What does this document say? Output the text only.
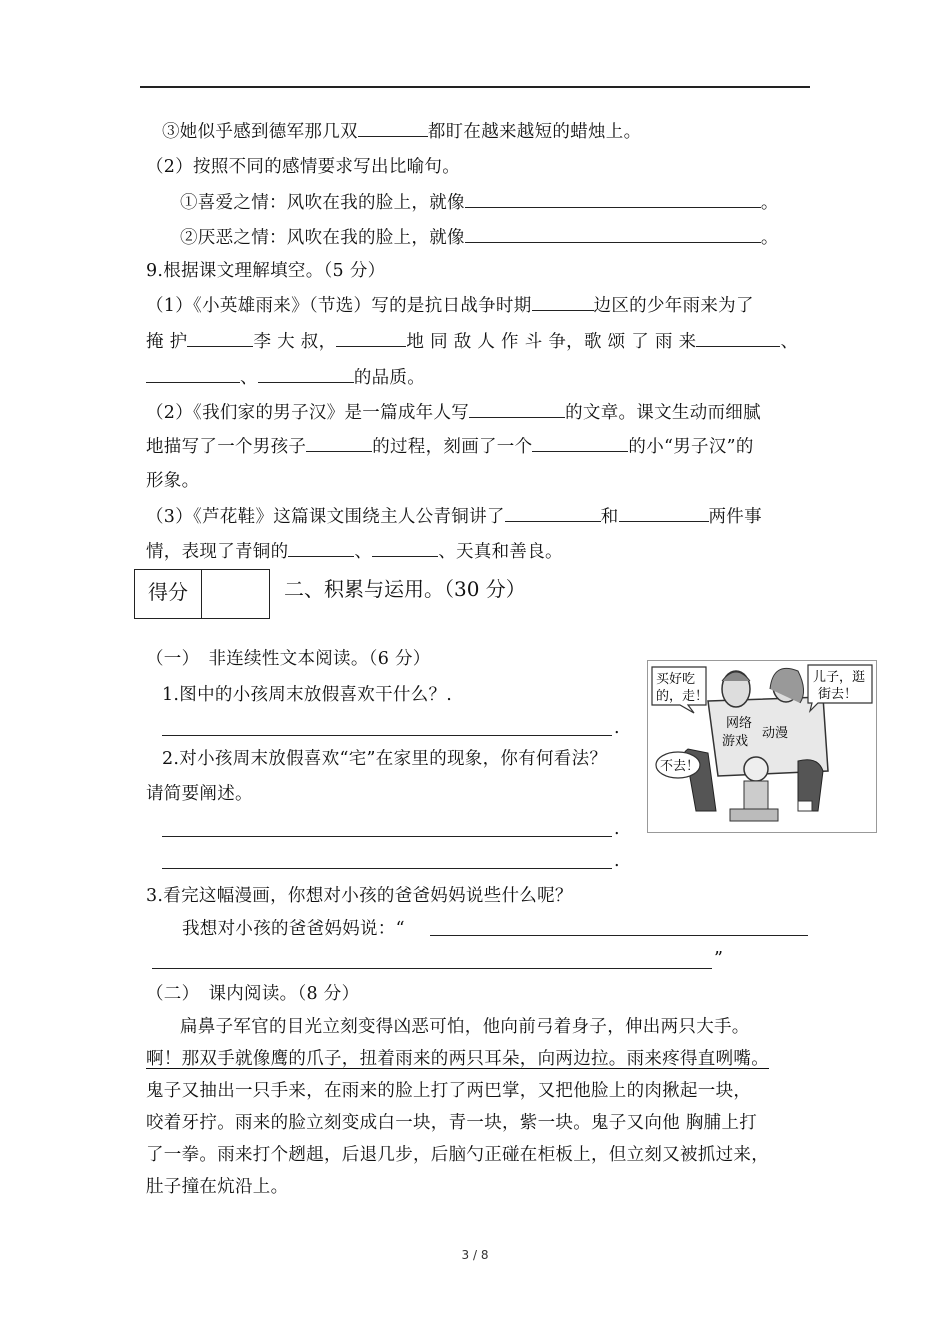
③她似乎感到德军那几双	都盯在越来越短的蜡烛上。
（2）按照不同的感情要求写出比喻句。
①喜爱之情：风吹在我的脸上，就像	。
②厌恶之情：风吹在我的脸上，就像	。
9.根据课文理解填空。（5 分）
（1）《小英雄雨来》（节选）写的是抗日战争时期	边区的少年雨来为了
掩 护	李 大 叔，	地 同 敌 人 作 斗 争，歌 颂 了 雨 来	、
、	的品质。
（2）《我们家的男子汉》是一篇成年人写	的文章。课文生动而细腻
地描写了一个男孩子	的过程，刻画了一个	的小“男子汉”的
形象。
（3）《芦花鞋》这篇课文围绕主人公青铜讲了	和	两件事
情，表现了青铜的	、	、天真和善良。
得分	二、积累与运用。（30 分）
（一）　非连续性文本阅读。（6 分）
1.图中的小孩周末放假喜欢干什么？.
.
2.对小孩周末放假喜欢“宅”在家里的现象，你有何看法？
请简要阐述。
.
.
3.看完这幅漫画，你想对小孩的爸爸妈妈说些什么呢？
我想对小孩的爸爸妈妈说：“
”
买好吃
的，走！
儿子，逛
街去！
网络
游戏
动漫
不去！
（二）　课内阅读。（8 分）
扁鼻子军官的目光立刻变得凶恶可怕，他向前弓着身子，伸出两只大手。
啊！那双手就像鹰的爪子，扭着雨来的两只耳朵，向两边拉。雨来疼得直咧嘴。
鬼子又抽出一只手来，在雨来的脸上打了两巴掌，又把他脸上的肉揪起一块，
咬着牙拧。雨来的脸立刻变成白一块，青一块，紫一块。鬼子又向他 胸脯上打
了一拳。雨来打个趔趄，后退几步，后脑勺正碰在柜板上，但立刻又被抓过来，
肚子撞在炕沿上。
3 / 8
